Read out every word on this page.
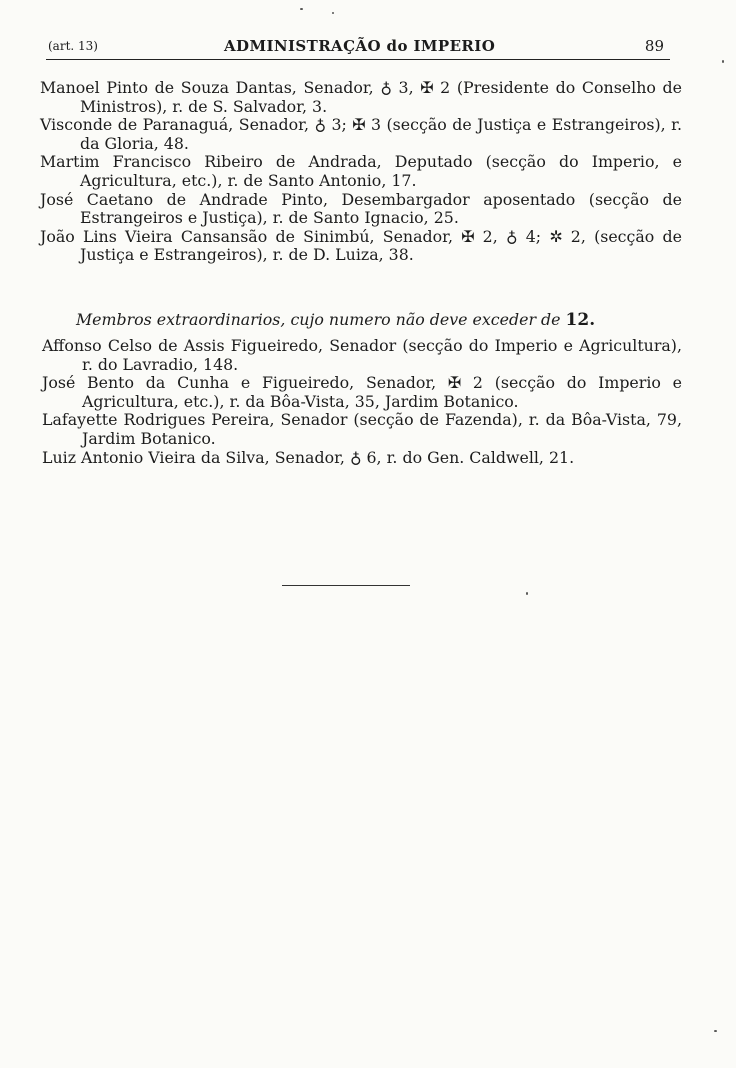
(art. 13)	ADMINISTRAÇÃO do IMPERIO	89

Manoel Pinto de Souza Dantas, Senador, ♁ 3, ✠ 2 (Presidente do Conselho de Ministros), r. de S. Salvador, 3.

Visconde de Paranaguá, Senador, ♁ 3; ✠ 3 (secção de Justiça e Estrangeiros), r. da Gloria, 48.

Martim Francisco Ribeiro de Andrada, Deputado (secção do Imperio, e Agricultura, etc.), r. de Santo Antonio, 17.

José Caetano de Andrade Pinto, Desembargador aposentado (secção de Estrangeiros e Justiça), r. de Santo Ignacio, 25.

João Lins Vieira Cansansão de Sinimbú, Senador, ✠ 2, ♁ 4; ✲ 2, (secção de Justiça e Estrangeiros), r. de D. Luiza, 38.

Membros extraordinarios, cujo numero não deve exceder de 12.

Affonso Celso de Assis Figueiredo, Senador (secção do Imperio e Agricultura), r. do Lavradio, 148.

José Bento da Cunha e Figueiredo, Senador, ✠ 2 (secção do Imperio e Agricultura, etc.), r. da Bôa-Vista, 35, Jardim Botanico.

Lafayette Rodrigues Pereira, Senador (secção de Fazenda), r. da Bôa-Vista, 79, Jardim Botanico.

Luiz Antonio Vieira da Silva, Senador, ♁ 6, r. do Gen. Caldwell, 21.
